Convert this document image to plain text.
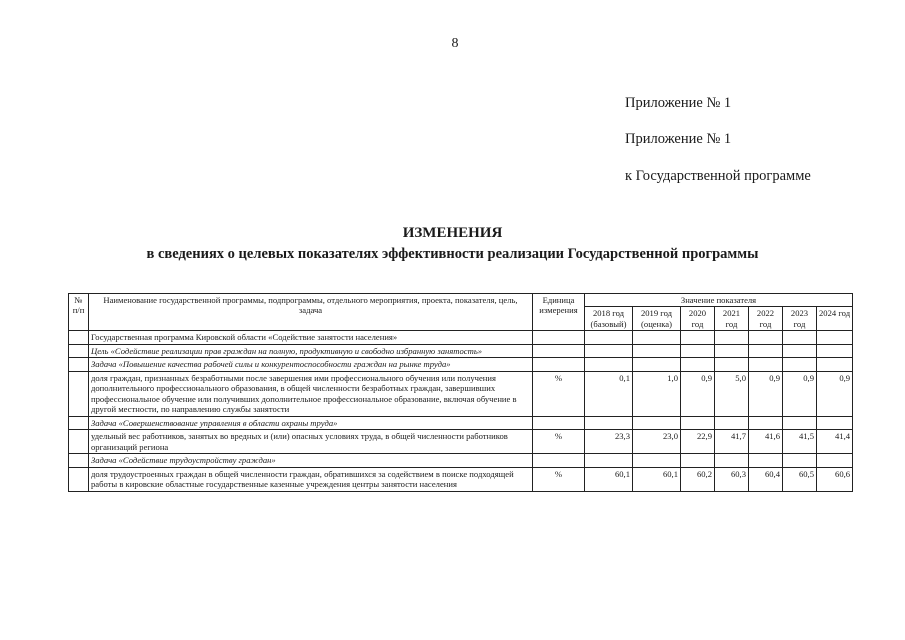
8
Приложение № 1
Приложение № 1
к Государственной программе
ИЗМЕНЕНИЯ
в сведениях о целевых показателях эффективности реализации Государственной программы
№ п/п	Наименование государственной программы, подпрограммы, отдельного мероприятия, проекта, показателя, цель, задача	Единица измерения	Значение показателя						
			2018 год (базовый)	2019 год (оценка)	2020 год	2021 год	2022 год	2023 год	2024 год
	Государственная программа Кировской области «Содействие занятости населения»								
	Цель «Содействие реализации прав граждан на полную, продуктивную и свободно избранную занятость»								
	Задача «Повышение качества рабочей силы и конкурентоспособности граждан на рынке труда»								
	доля граждан, признанных безработными после завершения ими профессионального обучения или получения дополнительного профессионального образования, в общей численности безработных граждан, завершивших профессиональное обучение или получивших дополнительное профессиональное образование, включая обучение в другой местности, по направлению службы занятости	%	0,1	1,0	0,9	5,0	0,9	0,9	0,9
	Задача «Совершенствование управления в области охраны труда»								
	удельный вес работников, занятых во вредных и (или) опасных условиях труда, в общей численности работников организаций региона	%	23,3	23,0	22,9	41,7	41,6	41,5	41,4
	Задача «Содействие трудоустройству граждан»								
	доля трудоустроенных граждан в общей численности граждан, обратившихся за содействием в поиске подходящей работы в кировские областные государственные казенные учреждения центры занятости населения	%	60,1	60,1	60,2	60,3	60,4	60,5	60,6
